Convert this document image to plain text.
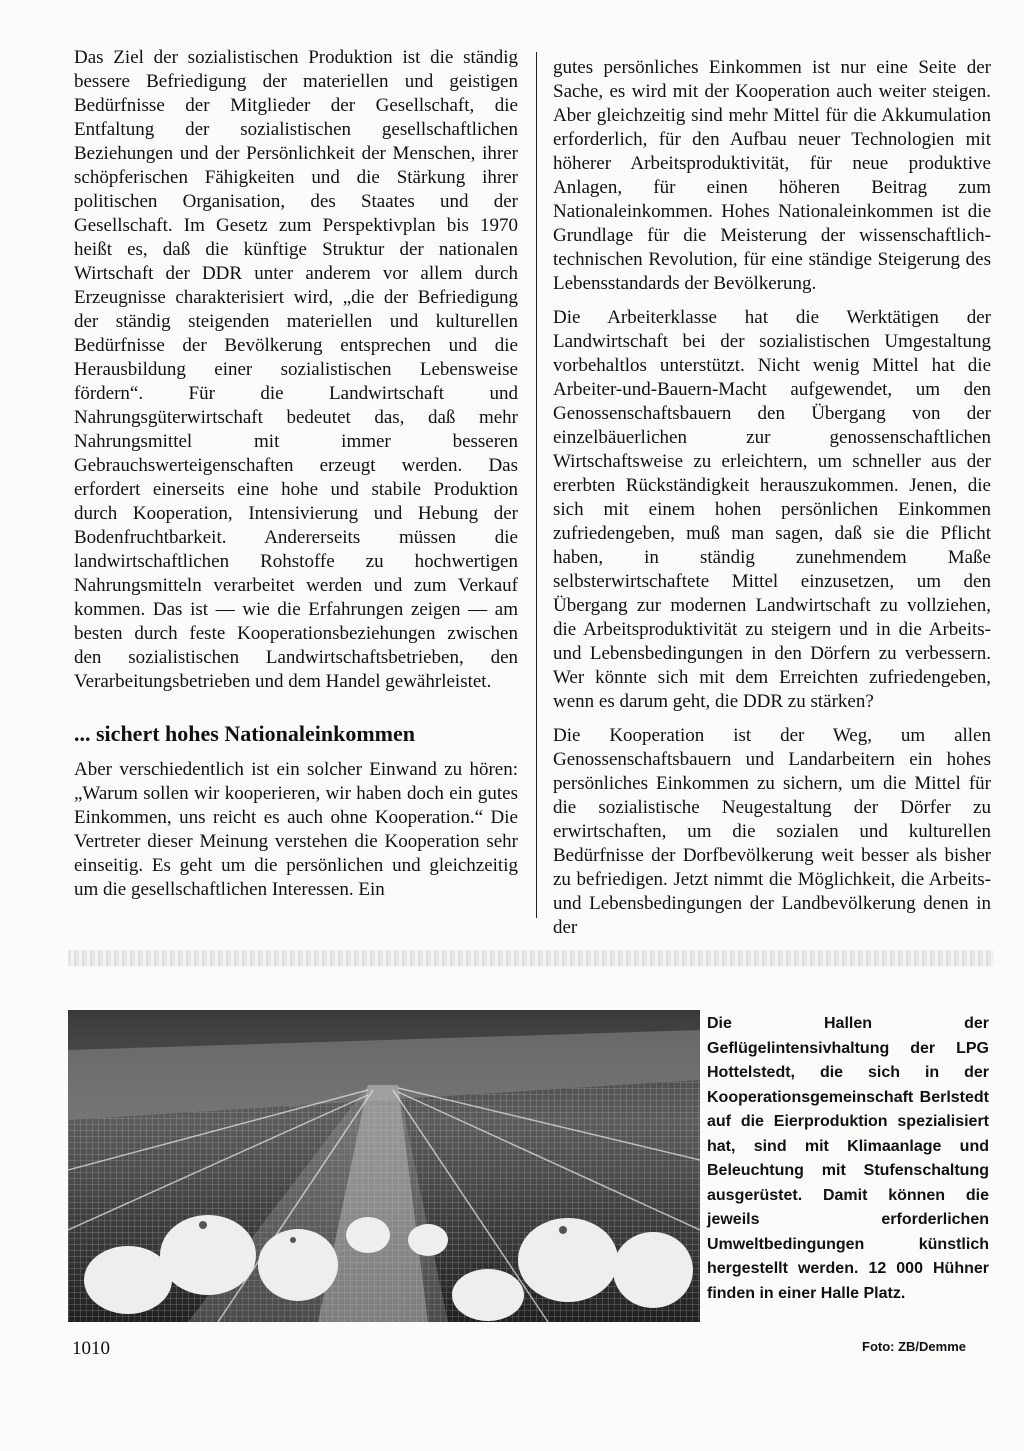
Das Ziel der sozialistischen Produktion ist die ständig bessere Befriedigung der materiellen und geistigen Bedürfnisse der Mitglieder der Gesellschaft, die Entfaltung der sozialistischen gesellschaftlichen Beziehungen und der Persönlichkeit der Menschen, ihrer schöpferischen Fähigkeiten und die Stärkung ihrer politischen Organisation, des Staates und der Gesellschaft. Im Gesetz zum Perspektivplan bis 1970 heißt es, daß die künftige Struktur der nationalen Wirtschaft der DDR unter anderem vor allem durch Erzeugnisse charakterisiert wird, „die der Befriedigung der ständig steigenden materiellen und kulturellen Bedürfnisse der Bevölkerung entsprechen und die Herausbildung einer sozialistischen Lebensweise fördern“. Für die Landwirtschaft und Nahrungsgüterwirtschaft bedeutet das, daß mehr Nahrungsmittel mit immer besseren Gebrauchswerteigenschaften erzeugt werden. Das erfordert einerseits eine hohe und stabile Produktion durch Kooperation, Intensivierung und Hebung der Bodenfruchtbarkeit. Andererseits müssen die landwirtschaftlichen Rohstoffe zu hochwertigen Nahrungsmitteln verarbeitet werden und zum Verkauf kommen. Das ist — wie die Erfahrungen zeigen — am besten durch feste Kooperationsbeziehungen zwischen den sozialistischen Landwirtschaftsbetrieben, den Verarbeitungsbetrieben und dem Handel gewährleistet.

... sichert hohes Nationaleinkommen

Aber verschiedentlich ist ein solcher Einwand zu hören: „Warum sollen wir kooperieren, wir haben doch ein gutes Einkommen, uns reicht es auch ohne Kooperation.“ Die Vertreter dieser Meinung verstehen die Kooperation sehr einseitig. Es geht um die persönlichen und gleichzeitig um die gesellschaftlichen Interessen. Ein

gutes persönliches Einkommen ist nur eine Seite der Sache, es wird mit der Kooperation auch weiter steigen. Aber gleichzeitig sind mehr Mittel für die Akkumulation erforderlich, für den Aufbau neuer Technologien mit höherer Arbeitsproduktivität, für neue produktive Anlagen, für einen höheren Beitrag zum Nationaleinkommen. Hohes Nationaleinkommen ist die Grundlage für die Meisterung der wissenschaftlich-technischen Revolution, für eine ständige Steigerung des Lebensstandards der Bevölkerung.

Die Arbeiterklasse hat die Werktätigen der Landwirtschaft bei der sozialistischen Umgestaltung vorbehaltlos unterstützt. Nicht wenig Mittel hat die Arbeiter-und-Bauern-Macht aufgewendet, um den Genossenschaftsbauern den Übergang von der einzelbäuerlichen zur genossenschaftlichen Wirtschaftsweise zu erleichtern, um schneller aus der ererbten Rückständigkeit herauszukommen. Jenen, die sich mit einem hohen persönlichen Einkommen zufriedengeben, muß man sagen, daß sie die Pflicht haben, in ständig zunehmendem Maße selbsterwirtschaftete Mittel einzusetzen, um den Übergang zur modernen Landwirtschaft zu vollziehen, die Arbeitsproduktivität zu steigern und in die Arbeits- und Lebensbedingungen in den Dörfern zu verbessern. Wer könnte sich mit dem Erreichten zufriedengeben, wenn es darum geht, die DDR zu stärken?

Die Kooperation ist der Weg, um allen Genossenschaftsbauern und Landarbeitern ein hohes persönliches Einkommen zu sichern, um die Mittel für die sozialistische Neugestaltung der Dörfer zu erwirtschaften, um die sozialen und kulturellen Bedürfnisse der Dorfbevölkerung weit besser als bisher zu befriedigen. Jetzt nimmt die Möglichkeit, die Arbeits- und Lebensbedingungen der Landbevölkerung denen in der

Die Hallen der Geflügelintensivhaltung der LPG Hottelstedt, die sich in der Kooperationsgemeinschaft Berlstedt auf die Eierproduktion spezialisiert hat, sind mit Klimaanlage und Beleuchtung mit Stufenschaltung ausgerüstet. Damit können die jeweils erforderlichen Umweltbedingungen künstlich hergestellt werden. 12 000 Hühner finden in einer Halle Platz.

Foto: ZB/Demme
1010
